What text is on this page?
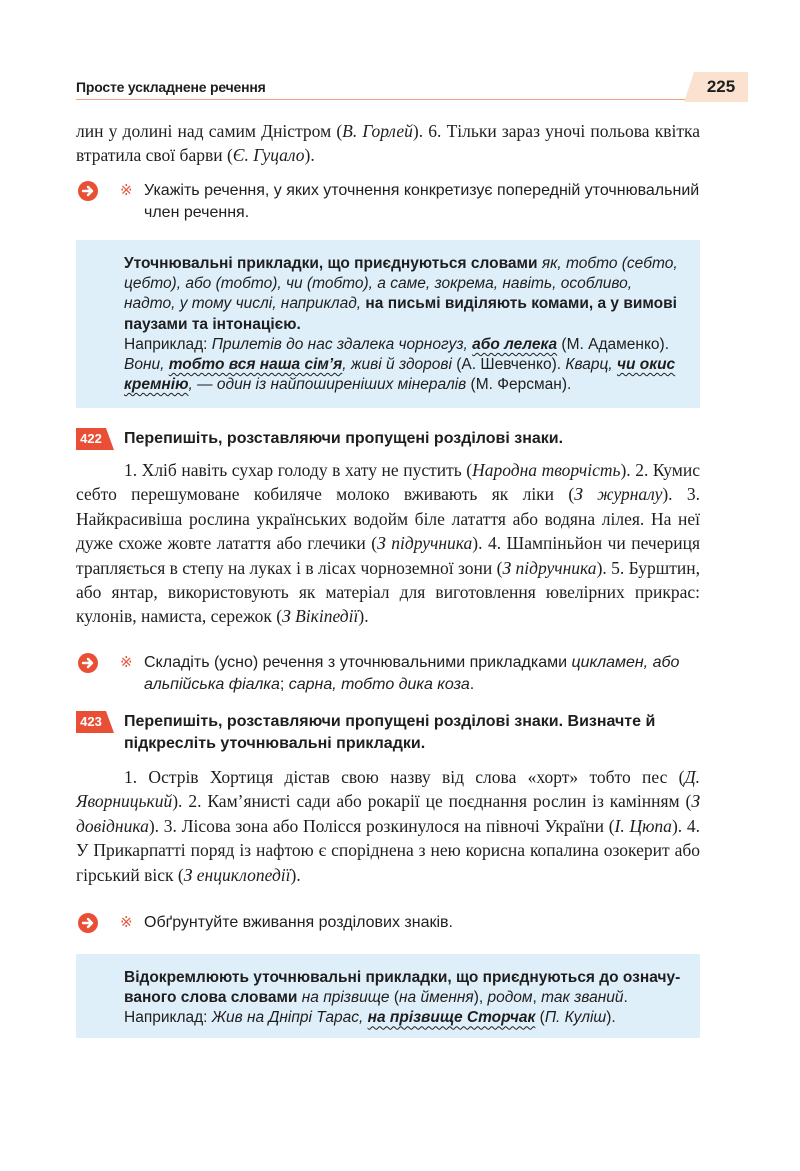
Просте ускладнене речення	225

лин у долині над самим Дністром (В. Горлей). 6. Тільки зараз уночі польова квітка втратила свої барви (Є. Гуцало).

※ Укажіть речення, у яких уточнення конкретизує попередній уточнювальний член речення.

Уточнювальні прикладки, що приєднуються словами як, тобто (себто, цебто), або (тобто), чи (тобто), а саме, зокрема, навіть, особливо, надто, у тому числі, наприклад, на письмі виділяють комами, а у вимові паузами та інтонацією.

Наприклад: Прилетів до нас здалека чорногуз, або лелека (М. Адаменко). Вони, тобто вся наша сім’я, живі й здорові (А. Шевченко). Кварц, чи окис кремнію, — один із найпоширеніших мінералів (М. Ферсман).

422 Перепишіть, розставляючи пропущені розділові знаки.

1. Хліб навіть сухар голоду в хату не пустить (Народна творчість). 2. Кумис себто перешумоване кобиляче молоко вживають як ліки (З журналу). 3. Найкрасивіша рослина українських водойм біле латаття або водяна лілея. На неї дуже схоже жовте латаття або глечики (З підручника). 4. Шампіньйон чи печериця трапляється в степу на луках і в лісах чорноземної зони (З підручника). 5. Бурштин, або янтар, використовують як матеріал для виготовлення ювелірних прикрас: кулонів, намиста, сережок (З Вікіпедії).

※ Складіть (усно) речення з уточнювальними прикладками цикламен, або альпійська фіалка; сарна, тобто дика коза.
423 Перепишіть, розставляючи пропущені розділові знаки. Визначте й підкресліть уточнювальні прикладки.

1. Острів Хортиця дістав свою назву від слова «хорт» тобто пес (Д. Яворницький). 2. Кам’янисті сади або рокарії це поєднання рослин із камінням (З довідника). 3. Лісова зона або Полісся розкинулося на півночі України (І. Цюпа). 4. У Прикарпатті поряд із нафтою є споріднена з нею корисна копалина озокерит або гірський віск (З енциклопедії).

※ Обґрунтуйте вживання розділових знаків.

Відокремлюють уточнювальні прикладки, що приєднуються до означуваного слова словами на прізвище (на ймення), родом, так званий.

Наприклад: Жив на Дніпрі Тарас, на прізвище Сторчак (П. Куліш).
